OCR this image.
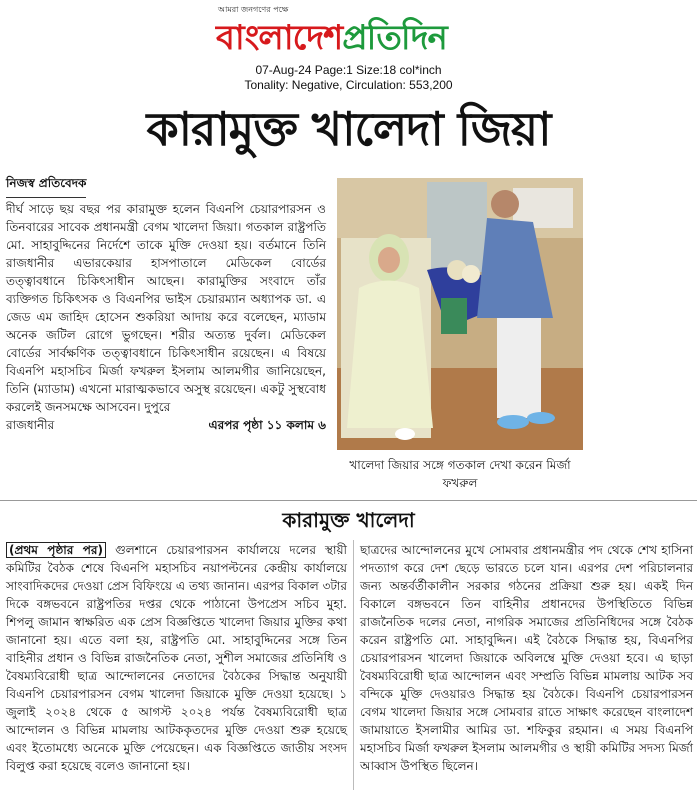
আমরা জনগণের পক্ষে
বাংলাদেশ প্রতিদিন
07-Aug-24 Page:1 Size:18 col*inch
Tonality: Negative, Circulation: 553,200
কারামুক্ত খালেদা জিয়া
নিজস্ব প্রতিবেদক
দীর্ঘ সাড়ে ছয় বছর পর কারামুক্ত হলেন বিএনপি চেয়ারপারসন ও তিনবারের সাবেক প্রধানমন্ত্রী বেগম খালেদা জিয়া। গতকাল রাষ্ট্রপতি মো. সাহাবুদ্দিনের নির্দেশে তাকে মুক্তি দেওয়া হয়। বর্তমানে তিনি রাজধানীর এভারকেয়ার হাসপাতালে মেডিকেল বোর্ডের তত্ত্বাবধানে চিকিৎসাধীন আছেন। কারামুক্তির সংবাদে তাঁর ব্যক্তিগত চিকিৎসক ও বিএনপির ভাইস চেয়ারম্যান অধ্যাপক ডা. এ জেড এম জাহিদ হোসেন শুকরিয়া আদায় করে বলেছেন, ম্যাডাম অনেক জটিল রোগে ভুগছেন। শরীর অত্যন্ত দুর্বল। মেডিকেল বোর্ডের সার্বক্ষণিক তত্ত্বাবধানে চিকিৎসাধীন রয়েছেন। এ বিষয়ে বিএনপি মহাসচিব মির্জা ফখরুল ইসলাম আলমগীর জানিয়েছেন, তিনি (ম্যাডাম) এখনো মারাত্মকভাবে অসুস্থ রয়েছেন। একটু সুস্থবোধ করলেই জনসমক্ষে আসবেন। দুপুরে
রাজধানীর	এরপর পৃষ্ঠা ১১ কলাম ৬
খালেদা জিয়ার সঙ্গে গতকাল দেখা করেন মির্জা ফখরুল
কারামুক্ত খালেদা
(প্রথম পৃষ্ঠার পর) গুলশানে চেয়ারপারসন কার্যালয়ে দলের স্থায়ী কমিটির বৈঠক শেষে বিএনপি মহাসচিব নয়াপল্টনের কেন্দ্রীয় কার্যালয়ে সাংবাদিকদের দেওয়া প্রেস বিফিংয়ে এ তথ্য জানান। এরপর বিকাল ৩টার দিকে বঙ্গভবনে রাষ্ট্রপতির দপ্তর থেকে পাঠানো উপপ্রেস সচিব মুহা. শিপলু জামান স্বাক্ষরিত এক প্রেস বিজ্ঞপ্তিতে খালেদা জিয়ার মুক্তির কথা জানানো হয়। এতে বলা হয়, রাষ্ট্রপতি মো. সাহাবুদ্দিনের সঙ্গে তিন বাহিনীর প্রধান ও বিভিন্ন রাজনৈতিক নেতা, সুশীল সমাজের প্রতিনিধি ও বৈষম্যবিরোধী ছাত্র আন্দোলনের নেতাদের বৈঠকের সিদ্ধান্ত অনুযায়ী বিএনপি চেয়ারপারসন বেগম খালেদা জিয়াকে মুক্তি দেওয়া হয়েছে। ১ জুলাই ২০২৪ থেকে ৫ আগস্ট ২০২৪ পর্যন্ত বৈষম্যবিরোধী ছাত্র আন্দোলন ও বিভিন্ন মামলায় আটককৃতদের মুক্তি দেওয়া শুরু হয়েছে এবং ইতোমধ্যে অনেকে মুক্তি পেয়েছেন। এক বিজ্ঞপ্তিতে জাতীয় সংসদ বিলুপ্ত করা হয়েছে বলেও জানানো হয়।
ছাত্রদের আন্দোলনের মুখে সোমবার প্রধানমন্ত্রীর পদ থেকে শেখ হাসিনা পদত্যাগ করে দেশ ছেড়ে ভারতে চলে যান। এরপর দেশ পরিচালনার জন্য অন্তর্বর্তীকালীন সরকার গঠনের প্রক্রিয়া শুরু হয়। একই দিন বিকালে বঙ্গভবনে তিন বাহিনীর প্রধানদের উপস্থিতিতে বিভিন্ন রাজনৈতিক দলের নেতা, নাগরিক সমাজের প্রতিনিধিদের সঙ্গে বৈঠক করেন রাষ্ট্রপতি মো. সাহাবুদ্দিন। এই বৈঠকে সিদ্ধান্ত হয়, বিএনপির চেয়ারপারসন খালেদা জিয়াকে অবিলম্বে মুক্তি দেওয়া হবে। এ ছাড়া বৈষম্যবিরোধী ছাত্র আন্দোলন এবং সম্প্রতি বিভিন্ন মামলায় আটক সব বন্দিকে মুক্তি দেওয়ারও সিদ্ধান্ত হয় বৈঠকে। বিএনপি চেয়ারপারসন বেগম খালেদা জিয়ার সঙ্গে সোমবার রাতে সাক্ষাৎ করেছেন বাংলাদেশ জামায়াতে ইসলামীর আমির ডা. শফিকুর রহমান। এ সময় বিএনপি মহাসচিব মির্জা ফখরুল ইসলাম আলমগীর ও স্থায়ী কমিটির সদস্য মির্জা আব্বাস উপস্থিত ছিলেন।
